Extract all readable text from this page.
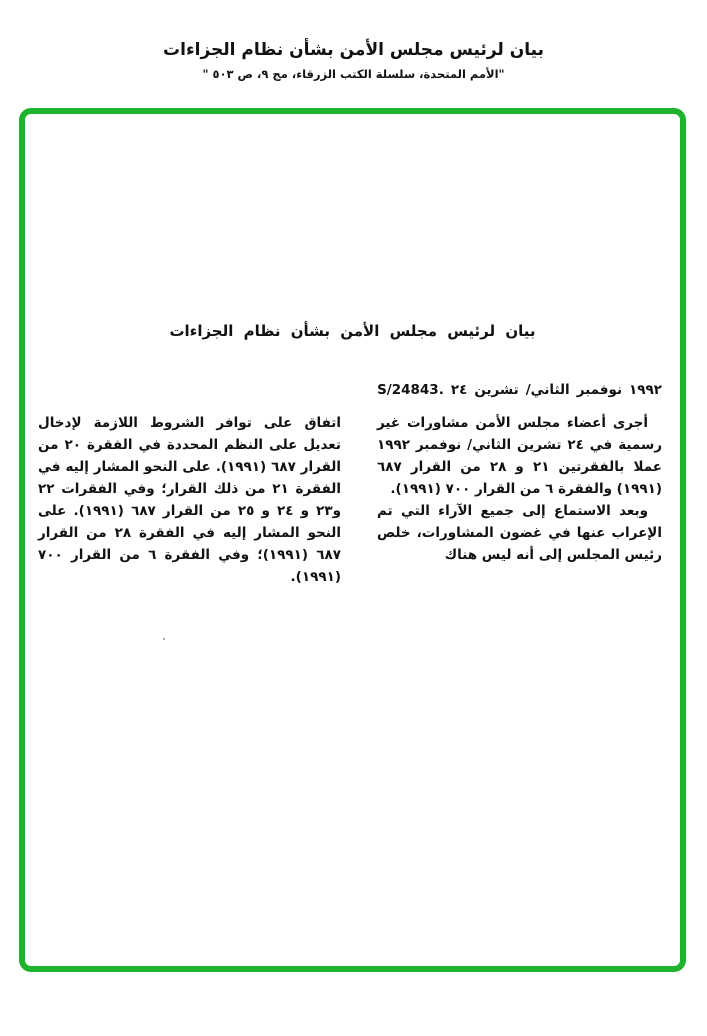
بيان لرئيس مجلس الأمن بشأن نظام الجزاءات
"الأمم المتحدة، سلسلة الكتب الزرقاء، مج ٩، ص ٥٠٣ "
بيان لرئيس مجلس الأمن بشأن نظام الجزاءات
S/24843. ٢٤ تشرين الثاني/ نوفمبر ١٩٩٢

أجرى أعضاء مجلس الأمن مشاورات غير رسمية في ٢٤ تشرين الثاني/ نوفمبر ١٩٩٢ عملا بالفقرتين ٢١ و ٢٨ من القرار ٦٨٧ (١٩٩١) والفقرة ٦ من القرار ٧٠٠ (١٩٩١).

وبعد الاستماع إلى جميع الآراء التي تم الإعراب عنها في غضون المشاورات، خلص رئيس المجلس إلى أنه ليس هناك

اتفاق على توافر الشروط اللازمة لإدخال تعديل على النظم المحددة في الفقرة ٢٠ من القرار ٦٨٧ (١٩٩١). على النحو المشار إليه في الفقرة ٢١ من ذلك القرار؛ وفي الفقرات ٢٢ و٢٣ و ٢٤ و ٢٥ من القرار ٦٨٧ (١٩٩١). على النحو المشار إليه في الفقرة ٢٨ من القرار ٦٨٧ (١٩٩١)؛ وفي الفقرة ٦ من القرار ٧٠٠ (١٩٩١).
